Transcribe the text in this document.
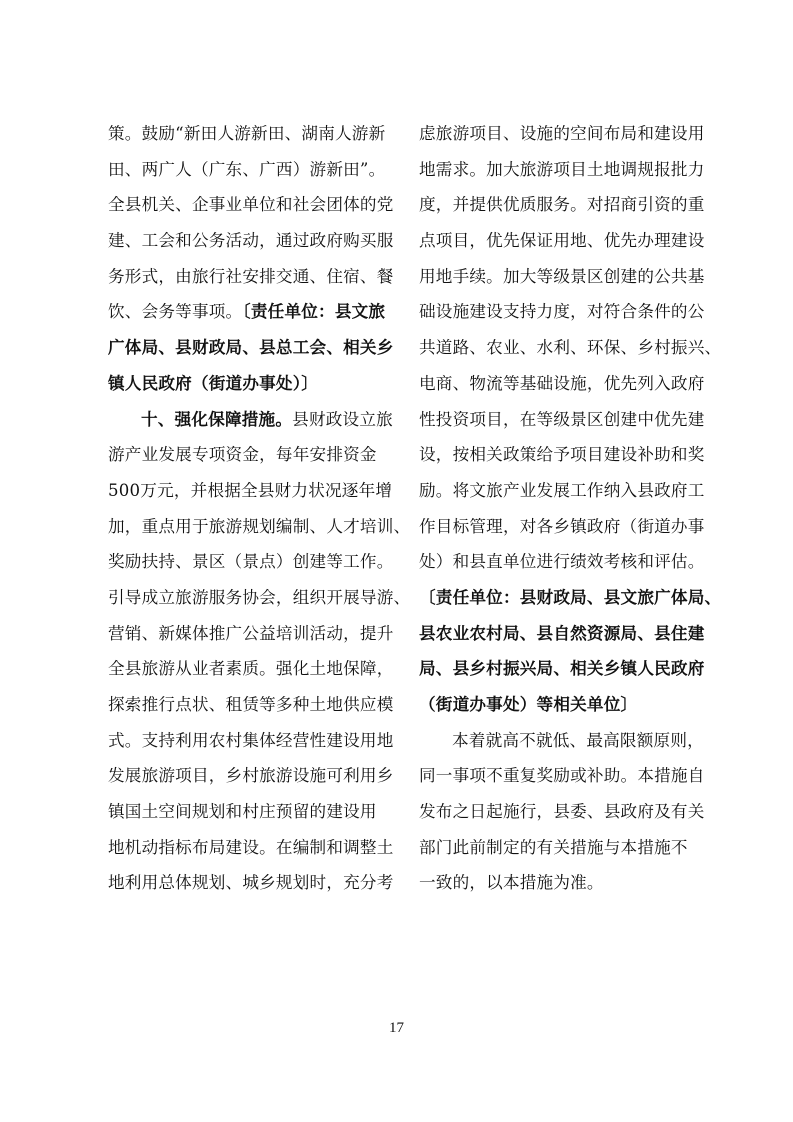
策。鼓励“新田人游新田、湖南人游新
田、两广人（广东、广西）游新田”。
全县机关、企事业单位和社会团体的党
建、工会和公务活动，通过政府购买服
务形式，由旅行社安排交通、住宿、餐
饮、会务等事项。〔责任单位：县文旅
广体局、县财政局、县总工会、相关乡
镇人民政府（街道办事处）〕
十、强化保障措施。县财政设立旅
游产业发展专项资金，每年安排资金
500万元，并根据全县财力状况逐年增
加，重点用于旅游规划编制、人才培训、
奖励扶持、景区（景点）创建等工作。
引导成立旅游服务协会，组织开展导游、
营销、新媒体推广公益培训活动，提升
全县旅游从业者素质。强化土地保障，
探索推行点状、租赁等多种土地供应模
式。支持利用农村集体经营性建设用地
发展旅游项目，乡村旅游设施可利用乡
镇国土空间规划和村庄预留的建设用
地机动指标布局建设。在编制和调整土
地利用总体规划、城乡规划时，充分考
虑旅游项目、设施的空间布局和建设用
地需求。加大旅游项目土地调规报批力
度，并提供优质服务。对招商引资的重
点项目，优先保证用地、优先办理建设
用地手续。加大等级景区创建的公共基
础设施建设支持力度，对符合条件的公
共道路、农业、水利、环保、乡村振兴、
电商、物流等基础设施，优先列入政府
性投资项目，在等级景区创建中优先建
设，按相关政策给予项目建设补助和奖
励。将文旅产业发展工作纳入县政府工
作目标管理，对各乡镇政府（街道办事
处）和县直单位进行绩效考核和评估。
〔责任单位：县财政局、县文旅广体局、
县农业农村局、县自然资源局、县住建
局、县乡村振兴局、相关乡镇人民政府
（街道办事处）等相关单位〕
本着就高不就低、最高限额原则，
同一事项不重复奖励或补助。本措施自
发布之日起施行，县委、县政府及有关
部门此前制定的有关措施与本措施不
一致的，以本措施为准。
17
